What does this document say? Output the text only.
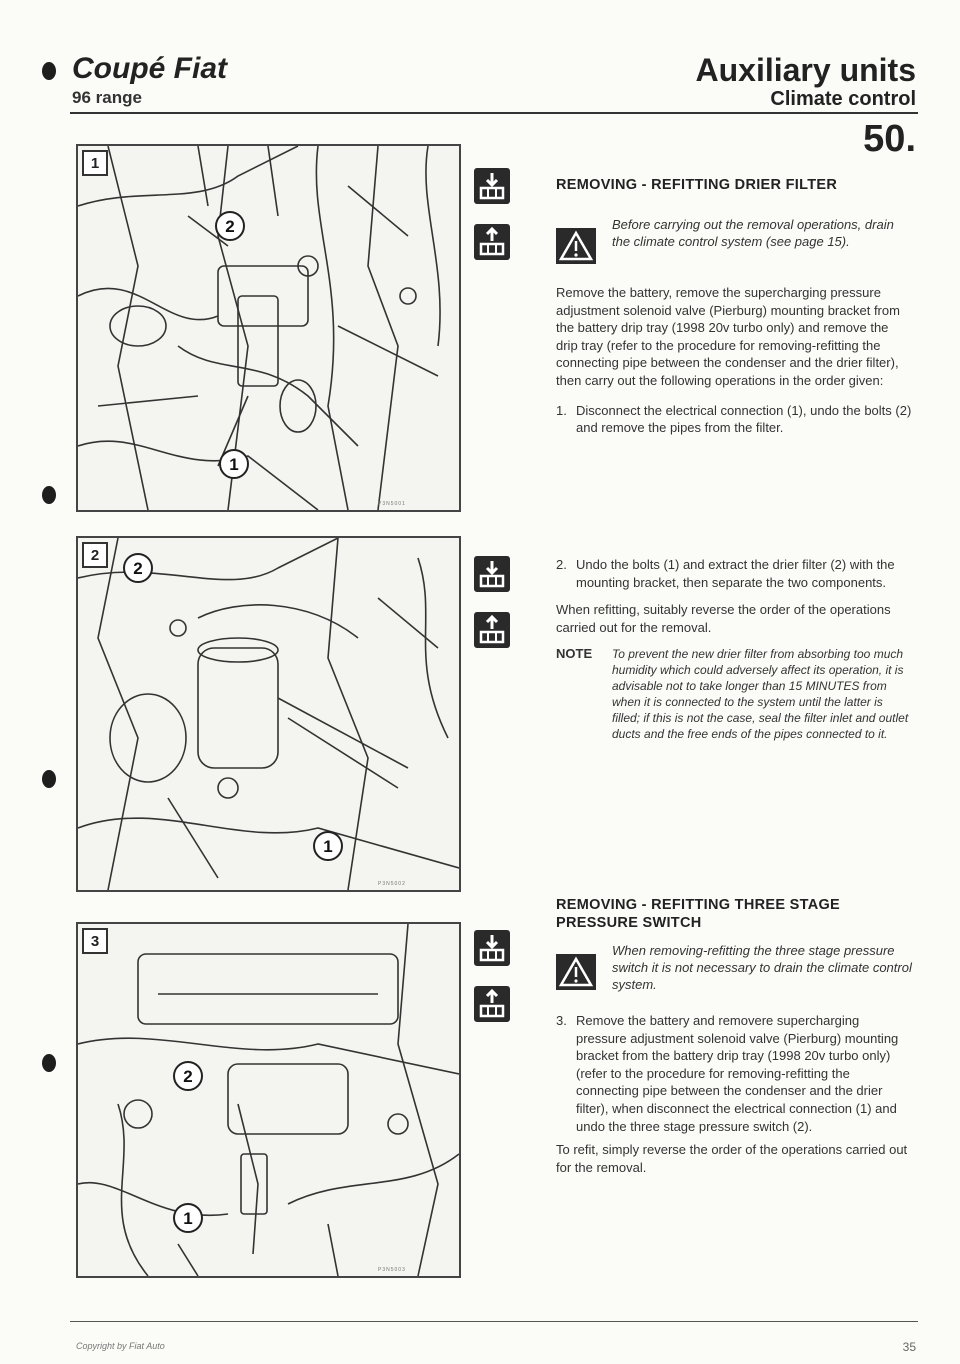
Coupé Fiat
96 range
Auxiliary units
Climate control
50.
1
2
1
P3N5001
2
2
1
P3N5002
3
2
1
P3N5003
REMOVING - REFITTING DRIER FILTER
Before carrying out the removal operations, drain the climate control system (see page 15).

Remove the battery, remove the supercharging pressure adjustment solenoid valve (Pierburg) mounting bracket from the battery drip tray (1998 20v turbo only) and remove the drip tray (refer to the procedure for removing-refitting the connecting pipe between the condenser and the drier filter), then carry out the following operations in the order given:

1. Disconnect the electrical connection (1), undo the bolts (2) and remove the pipes from the filter.
2. Undo the bolts (1) and extract the drier filter (2) with the mounting bracket, then separate the two components.

When refitting, suitably reverse the order of the operations carried out for the removal.

NOTE	To prevent the new drier filter from absorbing too much humidity which could adversely affect its operation, it is advisable not to take longer than 15 MINUTES from when it is connected to the system until the latter is filled; if this is not the case, seal the filter inlet and outlet ducts and the free ends of the pipes connected to it.
REMOVING - REFITTING THREE STAGE PRESSURE SWITCH
When removing-refitting the three stage pressure switch it is not necessary to drain the climate control system.
3. Remove the battery and removere supercharging pressure adjustment solenoid valve (Pierburg) mounting bracket from the battery drip tray (1998 20v turbo only) (refer to the procedure for removing-refitting the connecting pipe between the condenser and the drier filter), when disconnect the electrical connection (1) and undo the three stage pressure switch (2).

To refit, simply reverse the order of the operations carried out for the removal.

Copyright by Fiat Auto	35
